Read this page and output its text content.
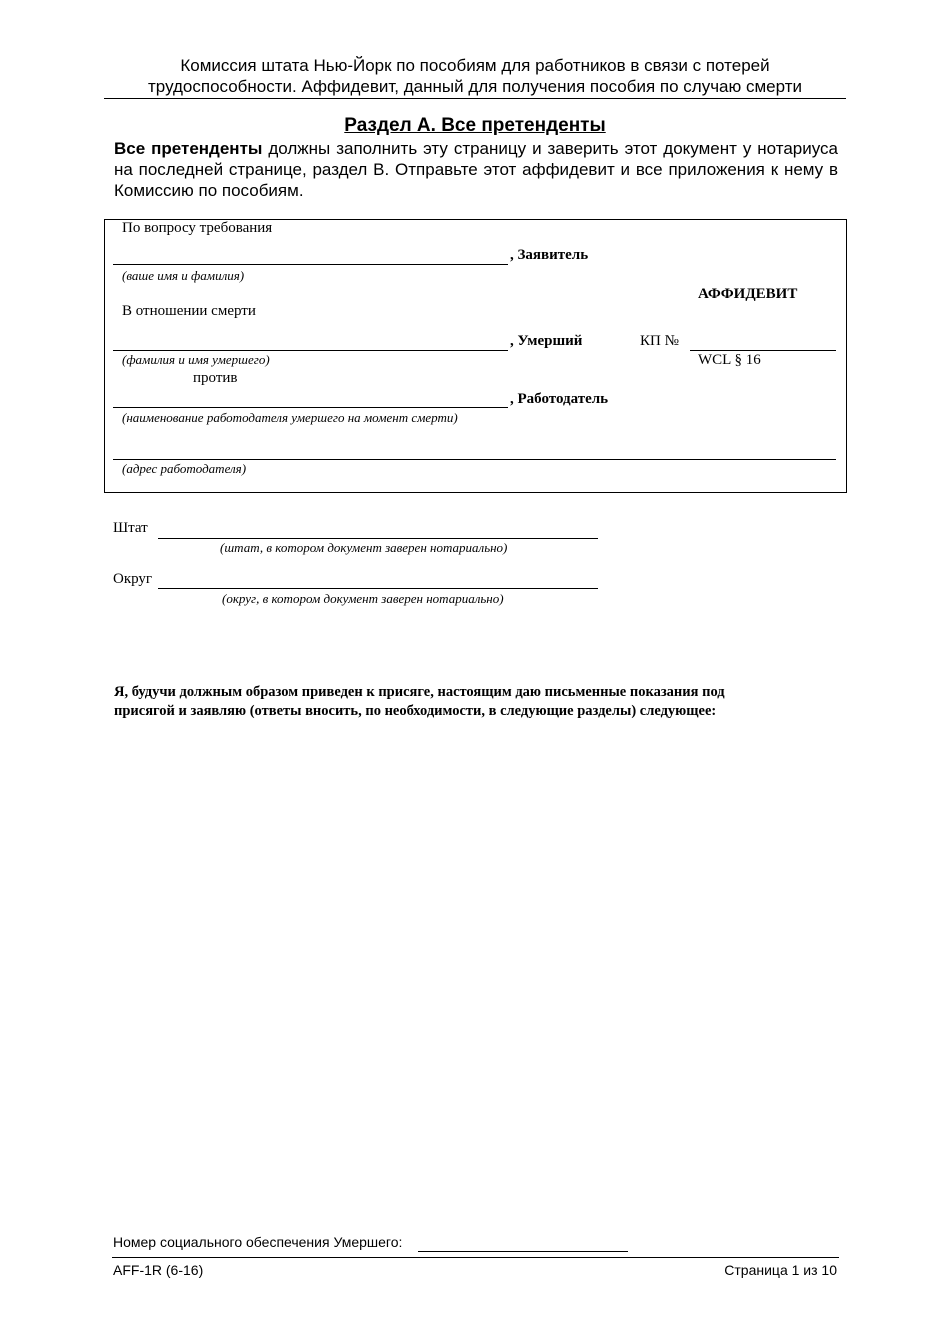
Комиссия штата Нью-Йорк по пособиям для работников в связи с потерей
трудоспособности. Аффидевит, данный для получения пособия по случаю смерти
Раздел A. Все претенденты
Все претенденты должны заполнить эту страницу и заверить этот документ у нотариуса на последней странице, раздел B. Отправьте этот аффидевит и все приложения к нему в Комиссию по пособиям.
По вопросу требования
, Заявитель
(ваше имя и фамилия)
АФФИДЕВИТ
В отношении смерти
, Умерший	КП №
(фамилия и имя умершего)	WCL § 16
против
, Работодатель
(наименование работодателя умершего на момент смерти)
(адрес работодателя)
Штат
(штат, в котором документ заверен нотариально)
Округ
(округ, в котором документ заверен нотариально)
Я, будучи должным образом приведен к присяге, настоящим даю письменные показания под
присягой и заявляю (ответы вносить, по необходимости, в следующие разделы) следующее:
Номер социального обеспечения Умершего:
AFF-1R (6-16)	Страница 1 из 10
